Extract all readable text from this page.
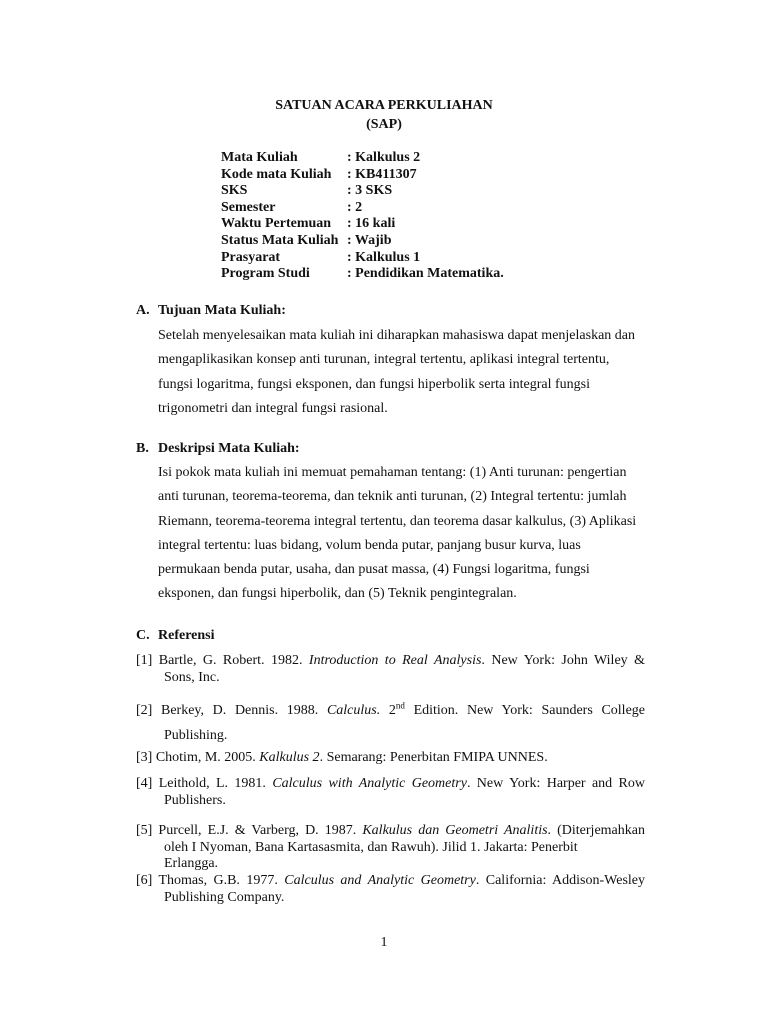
SATUAN ACARA PERKULIAHAN
(SAP)
Mata Kuliah	: Kalkulus 2
Kode mata Kuliah : KB411307
SKS	: 3 SKS
Semester	: 2
Waktu Pertemuan : 16 kali
Status Mata Kuliah : Wajib
Prasyarat	: Kalkulus 1
Program Studi	: Pendidikan Matematika.
A. Tujuan Mata Kuliah:
Setelah menyelesaikan mata kuliah ini diharapkan mahasiswa dapat menjelaskan dan
mengaplikasikan konsep anti turunan, integral tertentu, aplikasi integral tertentu,
fungsi logaritma, fungsi eksponen, dan fungsi hiperbolik serta integral fungsi
trigonometri dan integral fungsi rasional.
B. Deskripsi Mata Kuliah:
Isi pokok mata kuliah ini memuat pemahaman tentang: (1) Anti turunan: pengertian
anti turunan, teorema-teorema, dan teknik anti turunan, (2) Integral tertentu: jumlah
Riemann, teorema-teorema integral tertentu, dan teorema dasar kalkulus, (3) Aplikasi
integral tertentu: luas bidang, volum benda putar, panjang busur kurva, luas
permukaan benda putar, usaha, dan pusat massa, (4) Fungsi logaritma, fungsi
eksponen, dan fungsi hiperbolik, dan (5) Teknik pengintegralan.
C. Referensi
[1] Bartle, G. Robert. 1982. Introduction to Real Analysis. New York: John Wiley &
Sons, Inc.
[2] Berkey, D. Dennis. 1988. Calculus. 2nd Edition. New York: Saunders College
Publishing.
[3] Chotim, M. 2005. Kalkulus 2. Semarang: Penerbitan FMIPA UNNES.
[4] Leithold, L. 1981. Calculus with Analytic Geometry. New York: Harper and Row
Publishers.
[5] Purcell, E.J. & Varberg, D. 1987. Kalkulus dan Geometri Analitis. (Diterjemahkan
oleh I Nyoman, Bana Kartasasmita, dan Rawuh). Jilid 1. Jakarta: Penerbit
Erlangga.
[6] Thomas, G.B. 1977. Calculus and Analytic Geometry. California: Addison-Wesley
Publishing Company.
1
